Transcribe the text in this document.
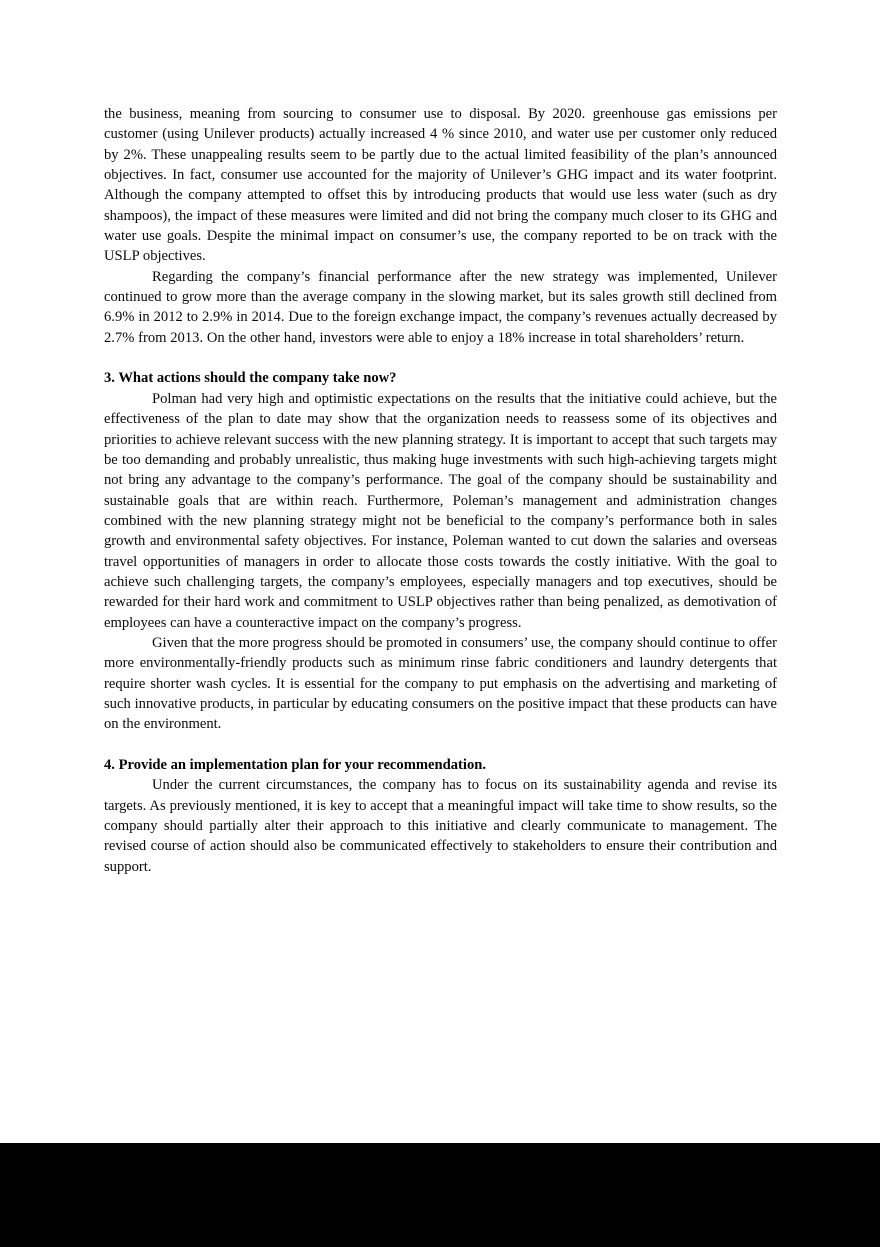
the business, meaning from sourcing to consumer use to disposal. By 2020. greenhouse gas emissions per customer (using Unilever products) actually increased 4 % since 2010, and water use per customer only reduced by 2%. These unappealing results seem to be partly due to the actual limited feasibility of the plan’s announced objectives. In fact, consumer use accounted for the majority of Unilever’s GHG impact and its water footprint. Although the company attempted to offset this by introducing products that would use less water (such as dry shampoos), the impact of these measures were limited and did not bring the company much closer to its GHG and water use goals. Despite the minimal impact on consumer’s use, the company reported to be on track with the USLP objectives.

Regarding the company’s financial performance after the new strategy was implemented, Unilever continued to grow more than the average company in the slowing market, but its sales growth still declined from 6.9% in 2012 to 2.9% in 2014. Due to the foreign exchange impact, the company’s revenues actually decreased by 2.7% from 2013. On the other hand, investors were able to enjoy a 18% increase in total shareholders’ return.

3. What actions should the company take now?

Polman had very high and optimistic expectations on the results that the initiative could achieve, but the effectiveness of the plan to date may show that the organization needs to reassess some of its objectives and priorities to achieve relevant success with the new planning strategy. It is important to accept that such targets may be too demanding and probably unrealistic, thus making huge investments with such high-achieving targets might not bring any advantage to the company’s performance. The goal of the company should be sustainability and sustainable goals that are within reach. Furthermore, Poleman’s management and administration changes combined with the new planning strategy might not be beneficial to the company’s performance both in sales growth and environmental safety objectives. For instance, Poleman wanted to cut down the salaries and overseas travel opportunities of managers in order to allocate those costs towards the costly initiative. With the goal to achieve such challenging targets, the company’s employees, especially managers and top executives, should be rewarded for their hard work and commitment to USLP objectives rather than being penalized, as demotivation of employees can have a counteractive impact on the company’s progress.

Given that the more progress should be promoted in consumers’ use, the company should continue to offer more environmentally-friendly products such as minimum rinse fabric conditioners and laundry detergents that require shorter wash cycles. It is essential for the company to put emphasis on the advertising and marketing of such innovative products, in particular by educating consumers on the positive impact that these products can have on the environment.

4. Provide an implementation plan for your recommendation.

Under the current circumstances, the company has to focus on its sustainability agenda and revise its targets. As previously mentioned, it is key to accept that a meaningful impact will take time to show results, so the company should partially alter their approach to this initiative and clearly communicate to management. The revised course of action should also be communicated effectively to stakeholders to ensure their contribution and support.
